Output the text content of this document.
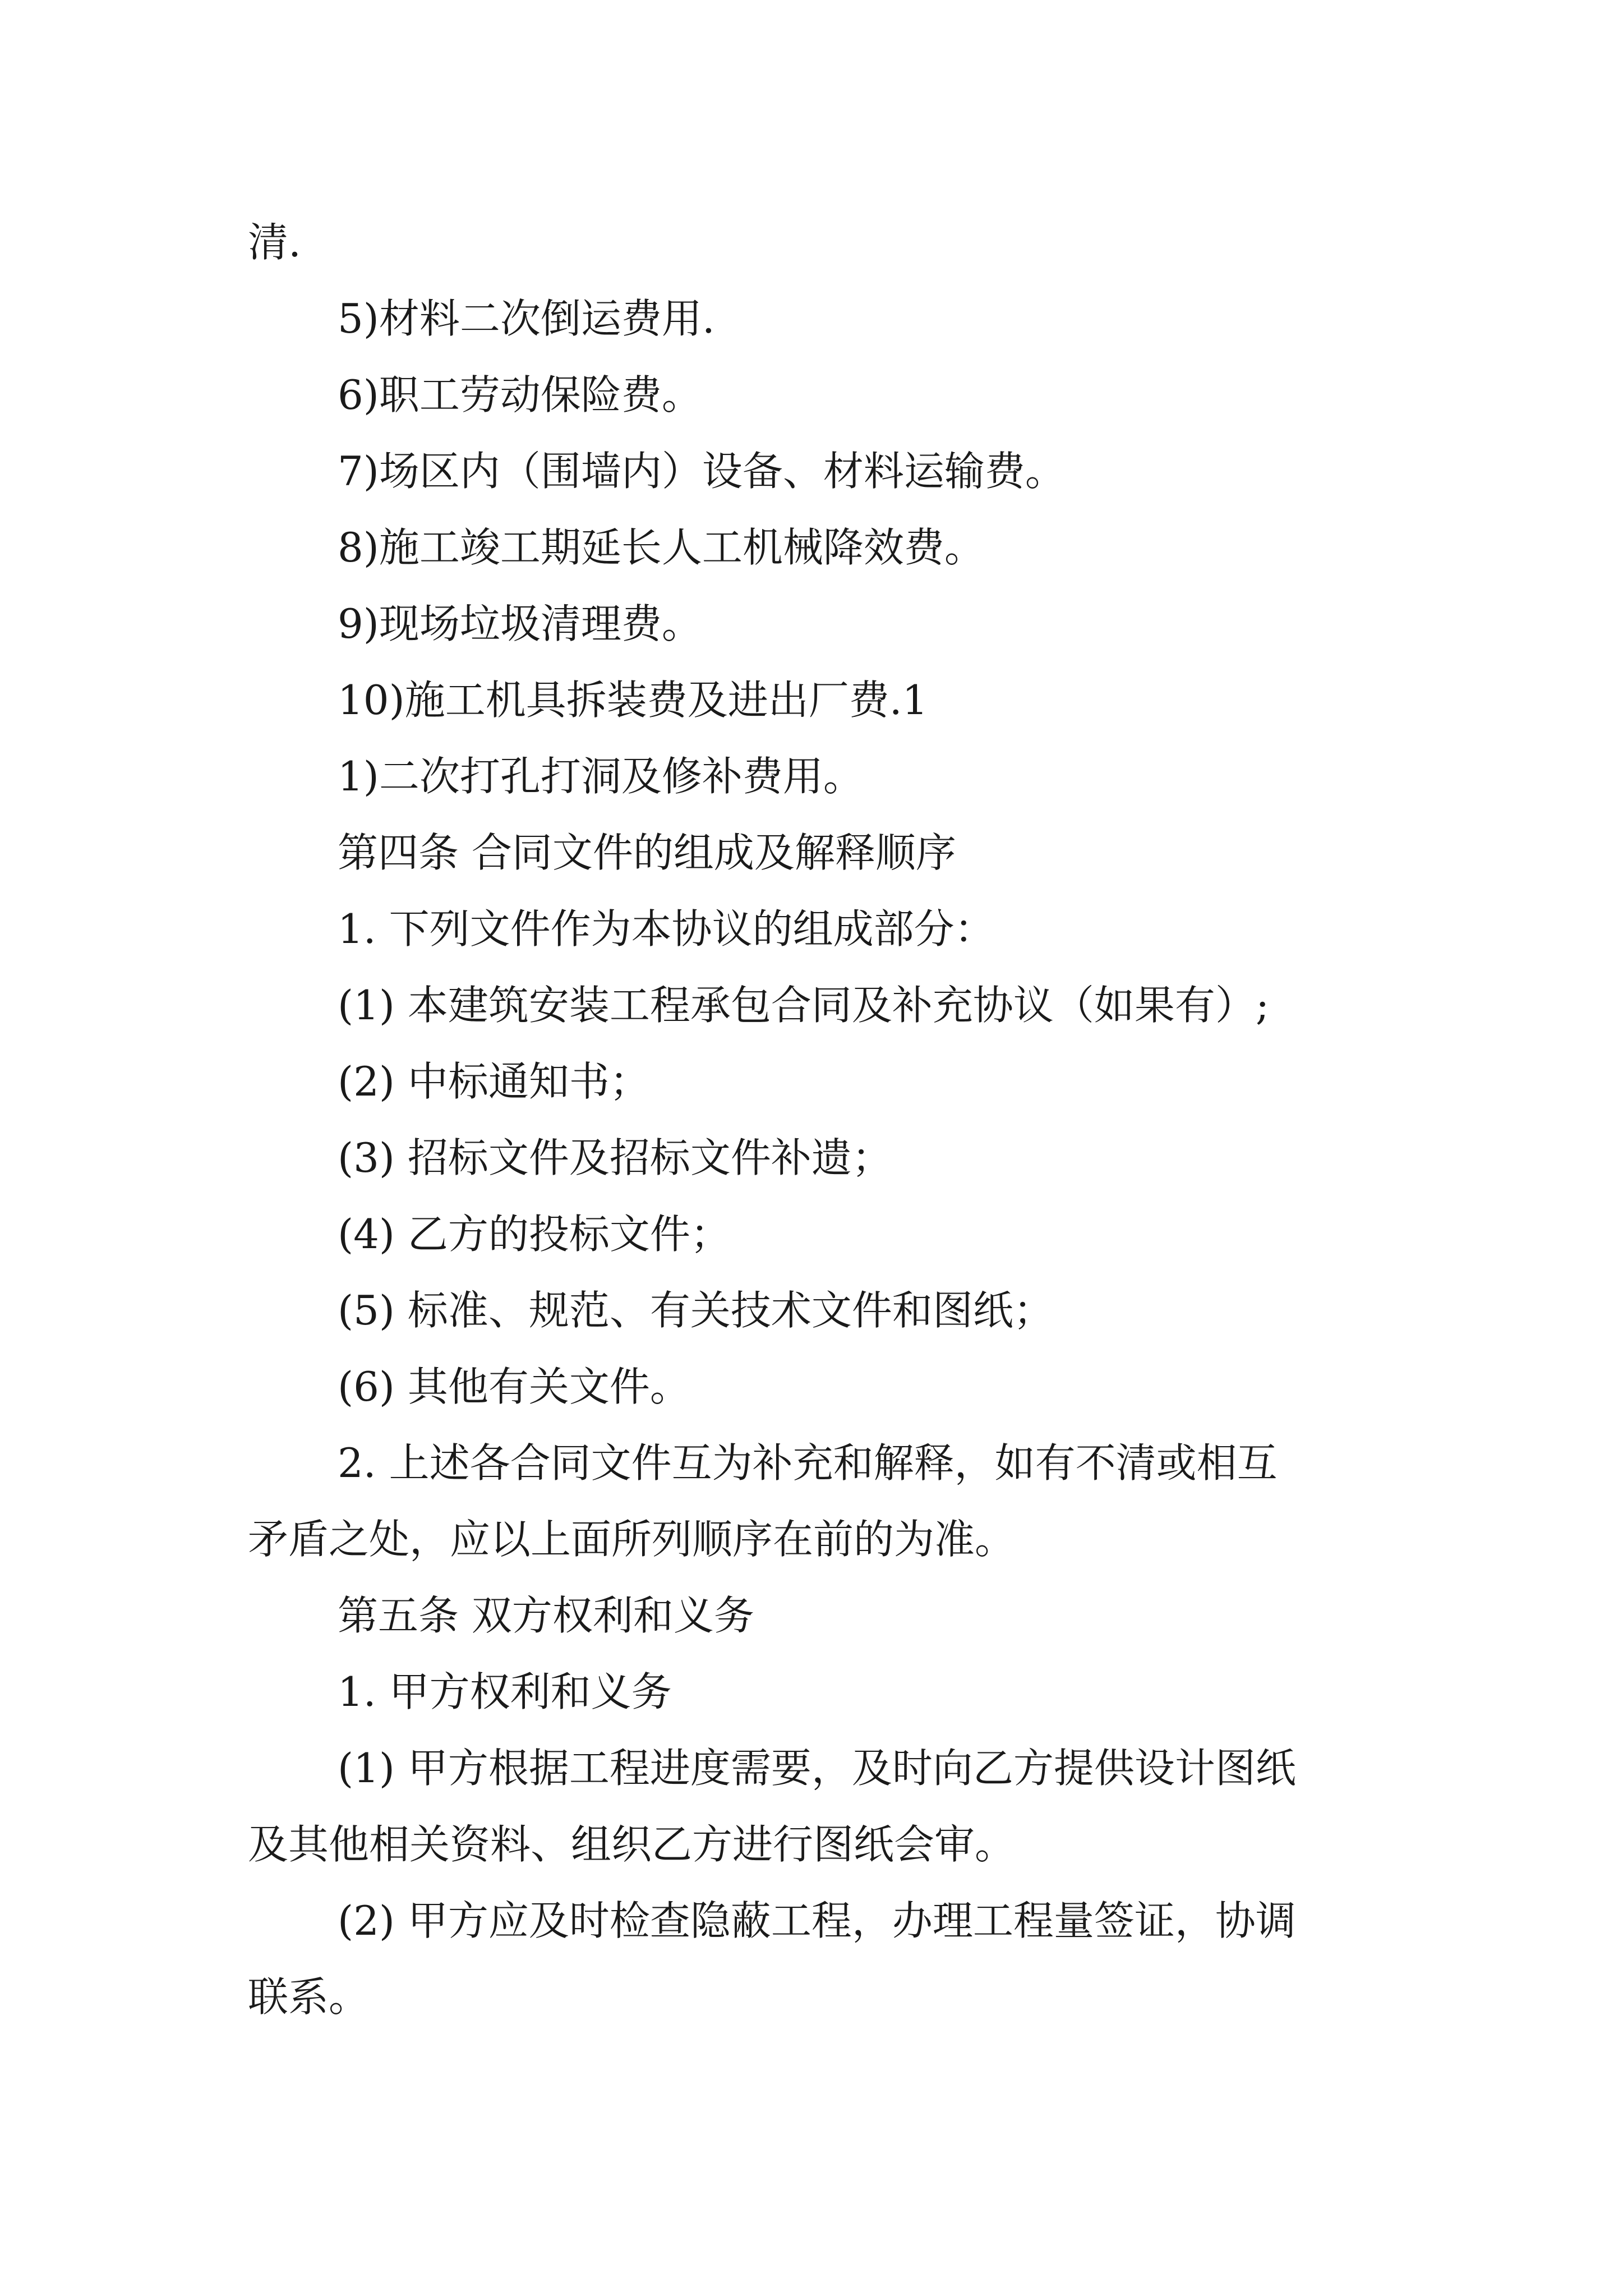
清.
5)材料二次倒运费用.
6)职工劳动保险费。
7)场区内（围墙内）设备、材料运输费。
8)施工竣工期延长人工机械降效费。
9)现场垃圾清理费。
10)施工机具拆装费及进出厂费.1
1)二次打孔打洞及修补费用。
第四条 合同文件的组成及解释顺序
1. 下列文件作为本协议的组成部分：
(1) 本建筑安装工程承包合同及补充协议（如果有）;
(2) 中标通知书；
(3) 招标文件及招标文件补遗；
(4) 乙方的投标文件；
(5) 标准、规范、有关技术文件和图纸；
(6) 其他有关文件。
2. 上述各合同文件互为补充和解释，如有不清或相互
矛盾之处，应以上面所列顺序在前的为准。
第五条 双方权利和义务
1. 甲方权利和义务
(1) 甲方根据工程进度需要，及时向乙方提供设计图纸
及其他相关资料、组织乙方进行图纸会审。
(2) 甲方应及时检查隐蔽工程，办理工程量签证，协调
联系。
